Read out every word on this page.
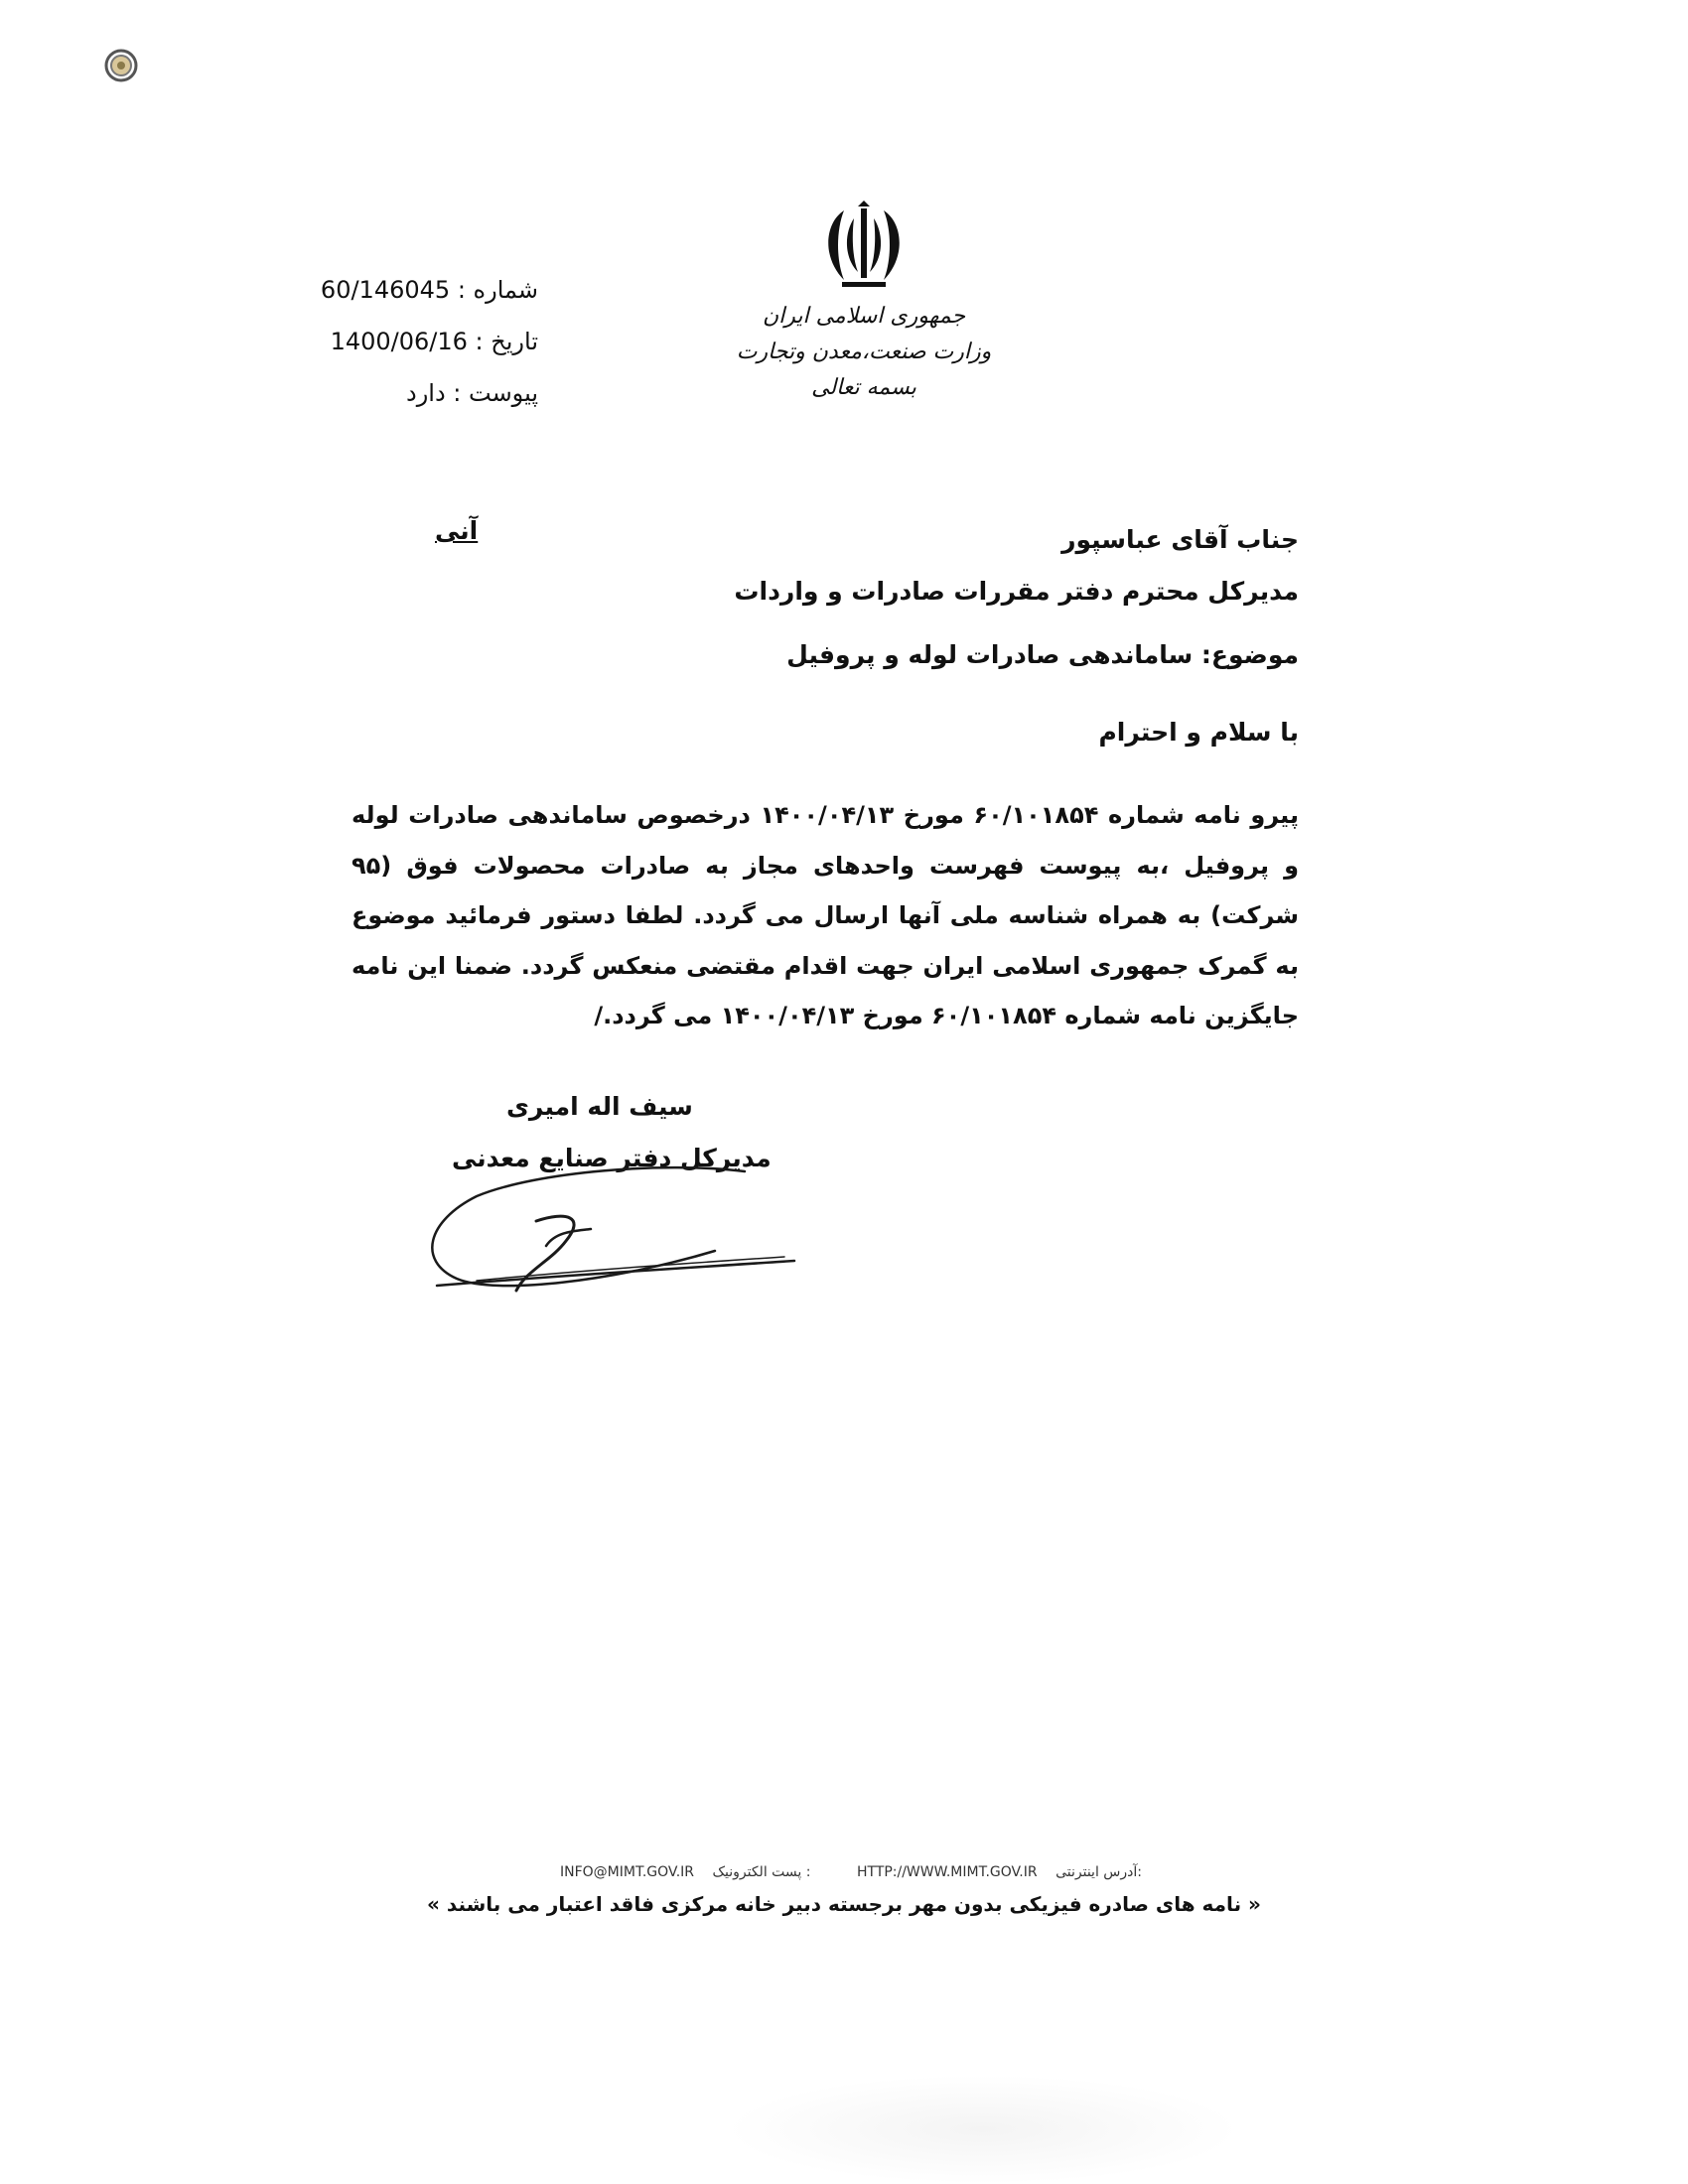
جمهوری اسلامی ایران
وزارت صنعت،معدن وتجارت
بسمه تعالی
شماره : 60/146045
تاریخ : 1400/06/16
پیوست : دارد
آنی	جناب آقای عباسپور
مدیرکل محترم دفتر مقررات صادرات و واردات
موضوع: ساماندهی صادرات لوله و پروفیل
با سلام و احترام
پیرو نامه شماره ۶۰/۱۰۱۸۵۴ مورخ ۱۴۰۰/۰۴/۱۳ درخصوص ساماندهی صادرات لوله و پروفیل ،به پیوست فهرست واحدهای مجاز به صادرات محصولات فوق (۹۵ شرکت) به همراه شناسه ملی آنها ارسال می گردد. لطفا دستور فرمائید موضوع به گمرک جمهوری اسلامی ایران جهت اقدام مقتضی منعکس گردد. ضمنا این نامه جایگزین نامه شماره ۶۰/۱۰۱۸۵۴ مورخ ۱۴۰۰/۰۴/۱۳ می گردد./
سیف اله امیری
مدیرکل دفتر صنایع معدنی
INFO@MIMT.GOV.IR پست الکترونیک :	HTTP://WWW.MIMT.GOV.IR آدرس اینترنتی:
« نامه های صادره فیزیکی بدون مهر برجسته دبیر خانه مرکزی فاقد اعتبار می باشند »
